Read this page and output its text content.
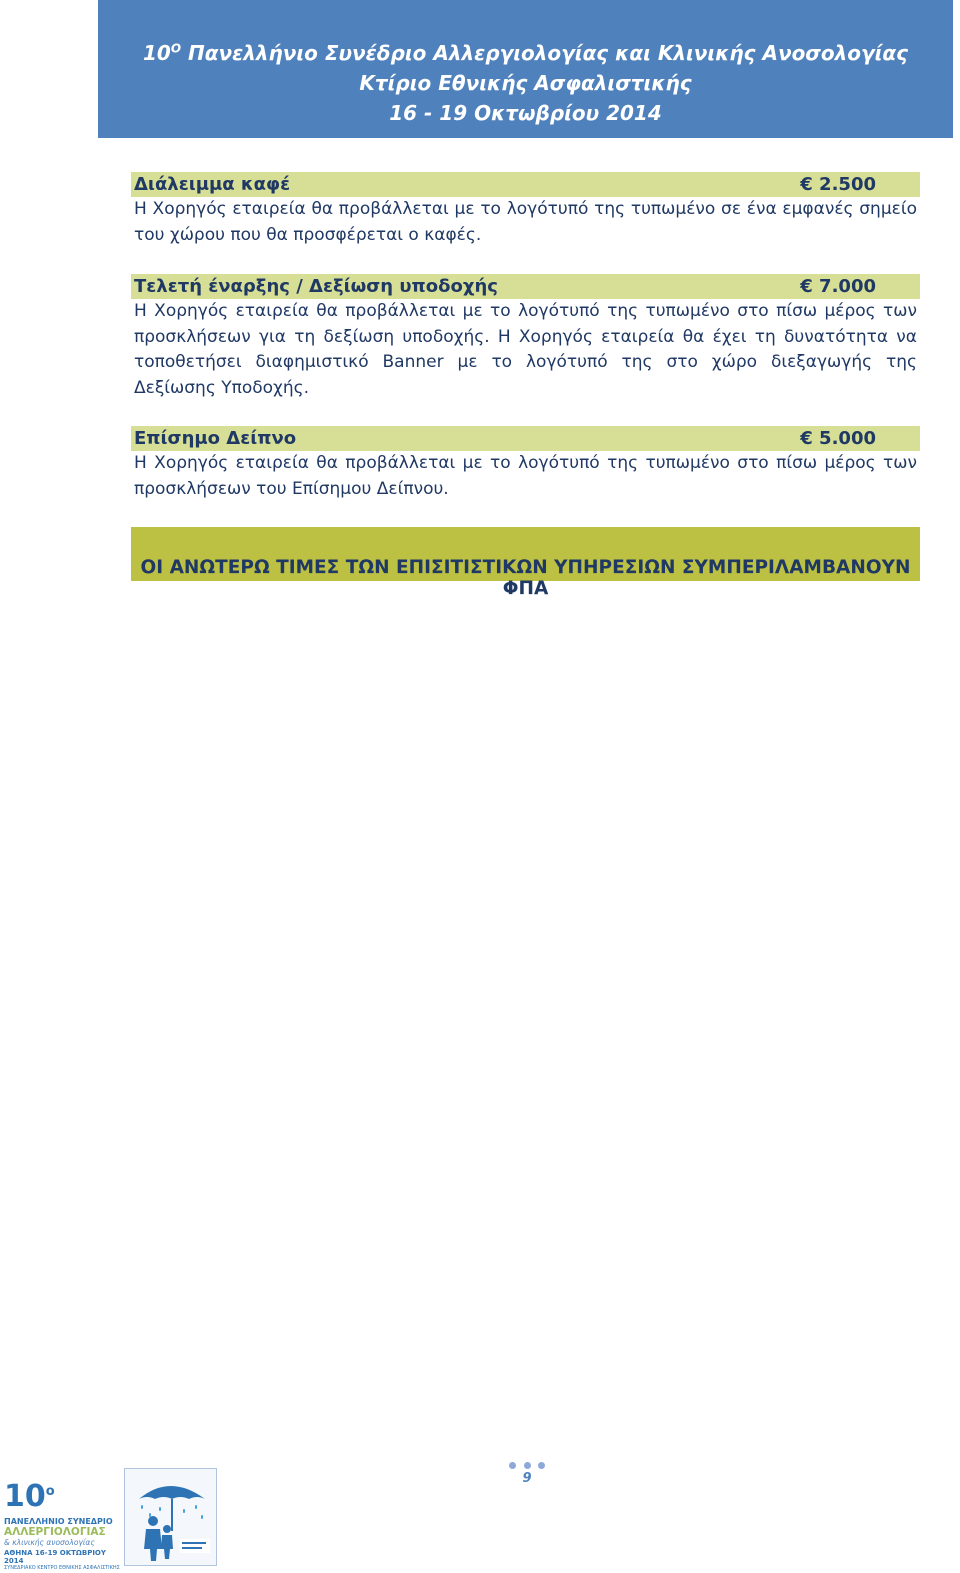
$10^O$ Πανελλήνιο Συνέδριο Αλλεργιολογίας και Κλινικής Ανοσολογίας
Κτίριο Εθνικής Ασφαλιστικής
16 - 19 Οκτωβρίου 2014
Διάλειμμα καφέ	€ 2.500
Η Χορηγός εταιρεία θα προβάλλεται με το λογότυπό της τυπωμένο σε ένα εμφανές σημείο του χώρου που θα προσφέρεται ο καφές.
Τελετή έναρξης / Δεξίωση υποδοχής	€ 7.000
Η Χορηγός εταιρεία θα προβάλλεται με το λογότυπό της τυπωμένο στο πίσω μέρος των προσκλήσεων για τη δεξίωση υποδοχής. Η Χορηγός εταιρεία θα έχει τη δυνατότητα να τοποθετήσει διαφημιστικό Banner με το λογότυπό της στο χώρο διεξαγωγής της Δεξίωσης Υποδοχής.
Επίσημο Δείπνο	€ 5.000
Η Χορηγός εταιρεία θα προβάλλεται με το λογότυπό της τυπωμένο στο πίσω μέρος των προσκλήσεων του Επίσημου Δείπνου.
ΟΙ ΑΝΩΤΕΡΩ ΤΙΜΕΣ ΤΩΝ ΕΠΙΣΙΤΙΣΤΙΚΩΝ ΥΠΗΡΕΣΙΩΝ ΣΥΜΠΕΡΙΛΑΜΒΑΝΟΥΝ ΦΠΑ
9
$10^o$
ΠΑΝΕΛΛΗΝΙΟ ΣΥΝΕΔΡΙΟ
ΑΛΛΕΡΓΙΟΛΟΓΙΑΣ
& κλινικής ανοσολογίας
ΑΘΗΝΑ 16-19 ΟΚΤΩΒΡΙΟΥ 2014
ΣΥΝΕΔΡΙΑΚΟ ΚΕΝΤΡΟ ΕΘΝΙΚΗΣ ΑΣΦΑΛΙΣΤΙΚΗΣ
